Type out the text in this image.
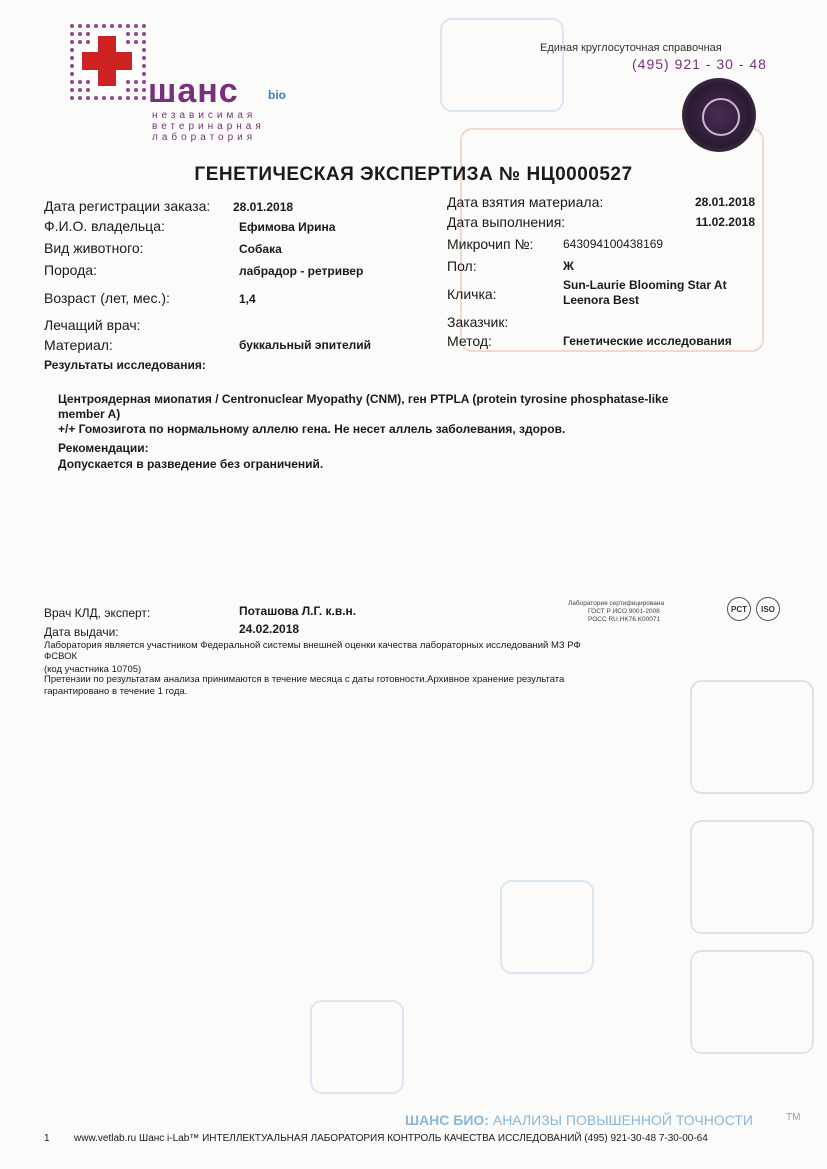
ШАНС БИО: АНАЛИЗЫ ПОВЫШЕННОЙ ТОЧНОСТИ	TM
шанс bio
независимая
ветеринарная
лаборатория
Единая круглосуточная справочная
(495) 921 - 30 - 48
ГЕНЕТИЧЕСКАЯ ЭКСПЕРТИЗА № НЦ0000527
Дата регистрации заказа: 28.01.2018
Ф.И.О. владельца:	Ефимова Ирина
Вид животного:	Собака
Порода:	лабрадор - ретривер
Возраст (лет, мес.):	1,4
Лечащий врач:
Материал:	буккальный эпителий
Дата взятия материала:	28.01.2018
Дата выполнения:	11.02.2018
Микрочип №: 643094100438169
Пол:	Ж
Кличка:
Sun-Laurie Blooming Star At
Leenora Best
Заказчик:
Метод:	Генетические исследования
Результаты исследования:
Центроядерная миопатия / Centronuclear Myopathy (CNM), ген PTPLA (protein tyrosine phosphatase-like
member A)
+/+ Гомозигота по нормальному аллелю гена. Не несет аллель заболевания, здоров.
Рекомендации:
Допускается в разведение без ограничений.
Врач КЛД, эксперт:	Поташова Л.Г. к.в.н.
Дата выдачи:	24.02.2018
Лаборатория является участником Федеральной системы внешней оценки качества лабораторных исследований МЗ РФ
ФСВОК
(код участника 10705)
Претензии по результатам анализа принимаются в течение месяца с даты готовности.Архивное хранение результата
гарантировано в течение 1 года.
Лаборатория сертифицирована
ГОСТ Р ИСО 9001-2008
РОСС RU.HK76.K00071
PCT	ISO
1 www.vetlab.ru Шанс i-Lab™ ИНТЕЛЛЕКТУАЛЬНАЯ ЛАБОРАТОРИЯ КОНТРОЛЬ КАЧЕСТВА ИССЛЕДОВАНИЙ (495) 921-30-48 7-30-00-64
